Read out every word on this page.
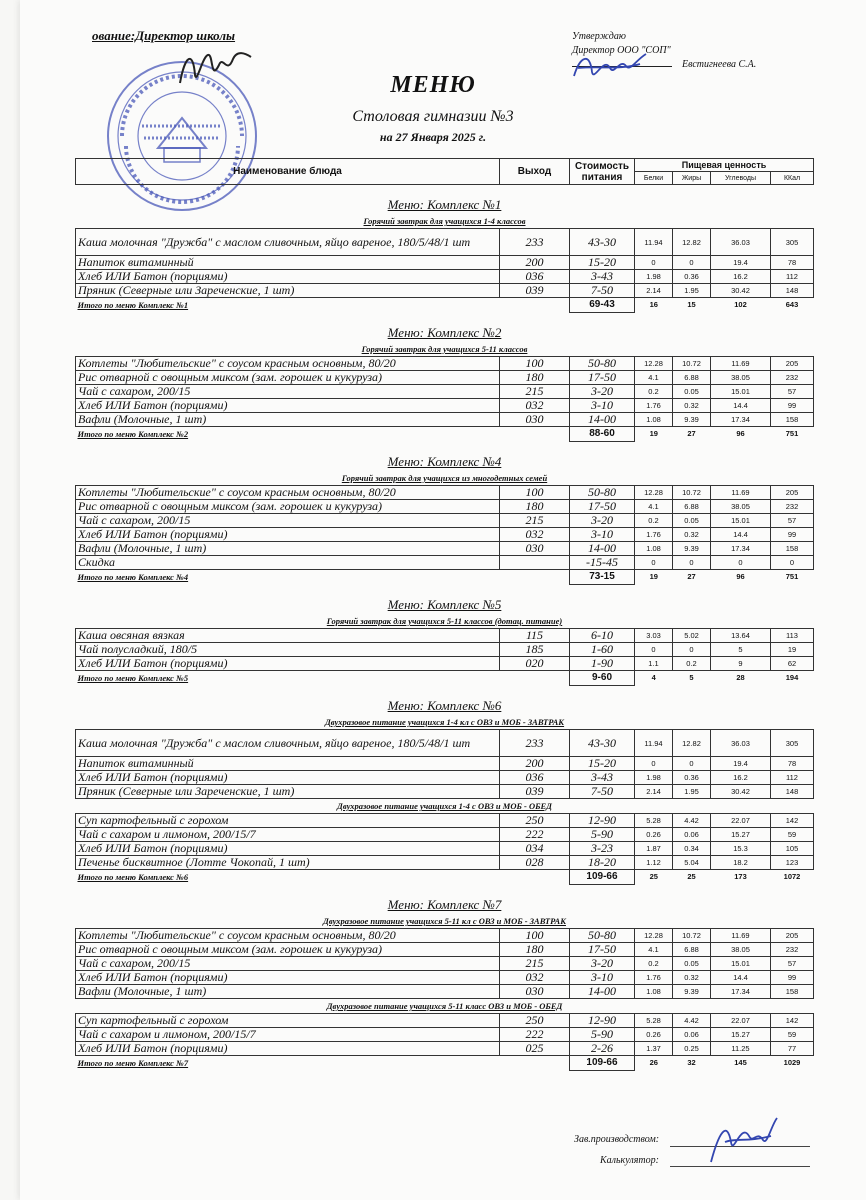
ование:Директор школы	Утверждаю
Директор ООО "СОП"
Евстигнеева С.А.
МЕНЮ
Столовая гимназии №3
на 27 Января 2025 г.
Наименование блюда	Выход	Стоимость питания	Пищевая ценность			
			Белки	Жиры	Углеводы	ККал
Меню: Комплекс №1						
Горячий завтрак для учащихся 1-4 классов						
Каша молочная "Дружба" с маслом сливочным, яйцо вареное, 180/5/48/1 шт	233	43-30	11.94	12.82	36.03	305
Напиток витаминный	200	15-20	0	0	19.4	78
Хлеб ИЛИ Батон (порциями)	036	3-43	1.98	0.36	16.2	112
Пряник (Северные или Зареченские, 1 шт)	039	7-50	2.14	1.95	30.42	148
Итого по меню Комплекс №1		69-43	16	15	102	643
Меню: Комплекс №2						
Горячий завтрак для учащихся 5-11 классов						
Котлеты "Любительские" с соусом красным основным, 80/20	100	50-80	12.28	10.72	11.69	205
Рис отварной с овощным миксом (зам. горошек и кукуруза)	180	17-50	4.1	6.88	38.05	232
Чай с сахаром, 200/15	215	3-20	0.2	0.05	15.01	57
Хлеб ИЛИ Батон (порциями)	032	3-10	1.76	0.32	14.4	99
Вафли (Молочные, 1 шт)	030	14-00	1.08	9.39	17.34	158
Итого по меню Комплекс №2		88-60	19	27	96	751
Меню: Комплекс №4						
Горячий завтрак для учащихся из многодетных семей						
Котлеты "Любительские" с соусом красным основным, 80/20	100	50-80	12.28	10.72	11.69	205
Рис отварной с овощным миксом (зам. горошек и кукуруза)	180	17-50	4.1	6.88	38.05	232
Чай с сахаром, 200/15	215	3-20	0.2	0.05	15.01	57
Хлеб ИЛИ Батон (порциями)	032	3-10	1.76	0.32	14.4	99
Вафли (Молочные, 1 шт)	030	14-00	1.08	9.39	17.34	158
Скидка		-15-45	0	0	0	0
Итого по меню Комплекс №4		73-15	19	27	96	751
Меню: Комплекс №5						
Горячий завтрак для учащихся 5-11 классов (дотац. питание)						
Каша овсяная вязкая	115	6-10	3.03	5.02	13.64	113
Чай полусладкий, 180/5	185	1-60	0	0	5	19
Хлеб ИЛИ Батон (порциями)	020	1-90	1.1	0.2	9	62
Итого по меню Комплекс №5		9-60	4	5	28	194
Меню: Комплекс №6						
Двухразовое питание учащихся 1-4 кл с ОВЗ и МОБ - ЗАВТРАК						
Каша молочная "Дружба" с маслом сливочным, яйцо вареное, 180/5/48/1 шт	233	43-30	11.94	12.82	36.03	305
Напиток витаминный	200	15-20	0	0	19.4	78
Хлеб ИЛИ Батон (порциями)	036	3-43	1.98	0.36	16.2	112
Пряник (Северные или Зареченские, 1 шт)	039	7-50	2.14	1.95	30.42	148
Двухразовое питание учащихся 1-4 с ОВЗ и МОБ - ОБЕД						
Суп картофельный с горохом	250	12-90	5.28	4.42	22.07	142
Чай с сахаром и лимоном, 200/15/7	222	5-90	0.26	0.06	15.27	59
Хлеб ИЛИ Батон (порциями)	034	3-23	1.87	0.34	15.3	105
Печенье бисквитное (Лотте Чокопай, 1 шт)	028	18-20	1.12	5.04	18.2	123
Итого по меню Комплекс №6		109-66	25	25	173	1072
Меню: Комплекс №7						
Двухразовое питание учащихся 5-11 кл с ОВЗ и МОБ - ЗАВТРАК						
Котлеты "Любительские" с соусом красным основным, 80/20	100	50-80	12.28	10.72	11.69	205
Рис отварной с овощным миксом (зам. горошек и кукуруза)	180	17-50	4.1	6.88	38.05	232
Чай с сахаром, 200/15	215	3-20	0.2	0.05	15.01	57
Хлеб ИЛИ Батон (порциями)	032	3-10	1.76	0.32	14.4	99
Вафли (Молочные, 1 шт)	030	14-00	1.08	9.39	17.34	158
Двухразовое питание учащихся 5-11 класс ОВЗ и МОБ - ОБЕД						
Суп картофельный с горохом	250	12-90	5.28	4.42	22.07	142
Чай с сахаром и лимоном, 200/15/7	222	5-90	0.26	0.06	15.27	59
Хлеб ИЛИ Батон (порциями)	025	2-26	1.37	0.25	11.25	77
Итого по меню Комплекс №7		109-66	26	32	145	1029
Зав.производством:
Калькулятор:
